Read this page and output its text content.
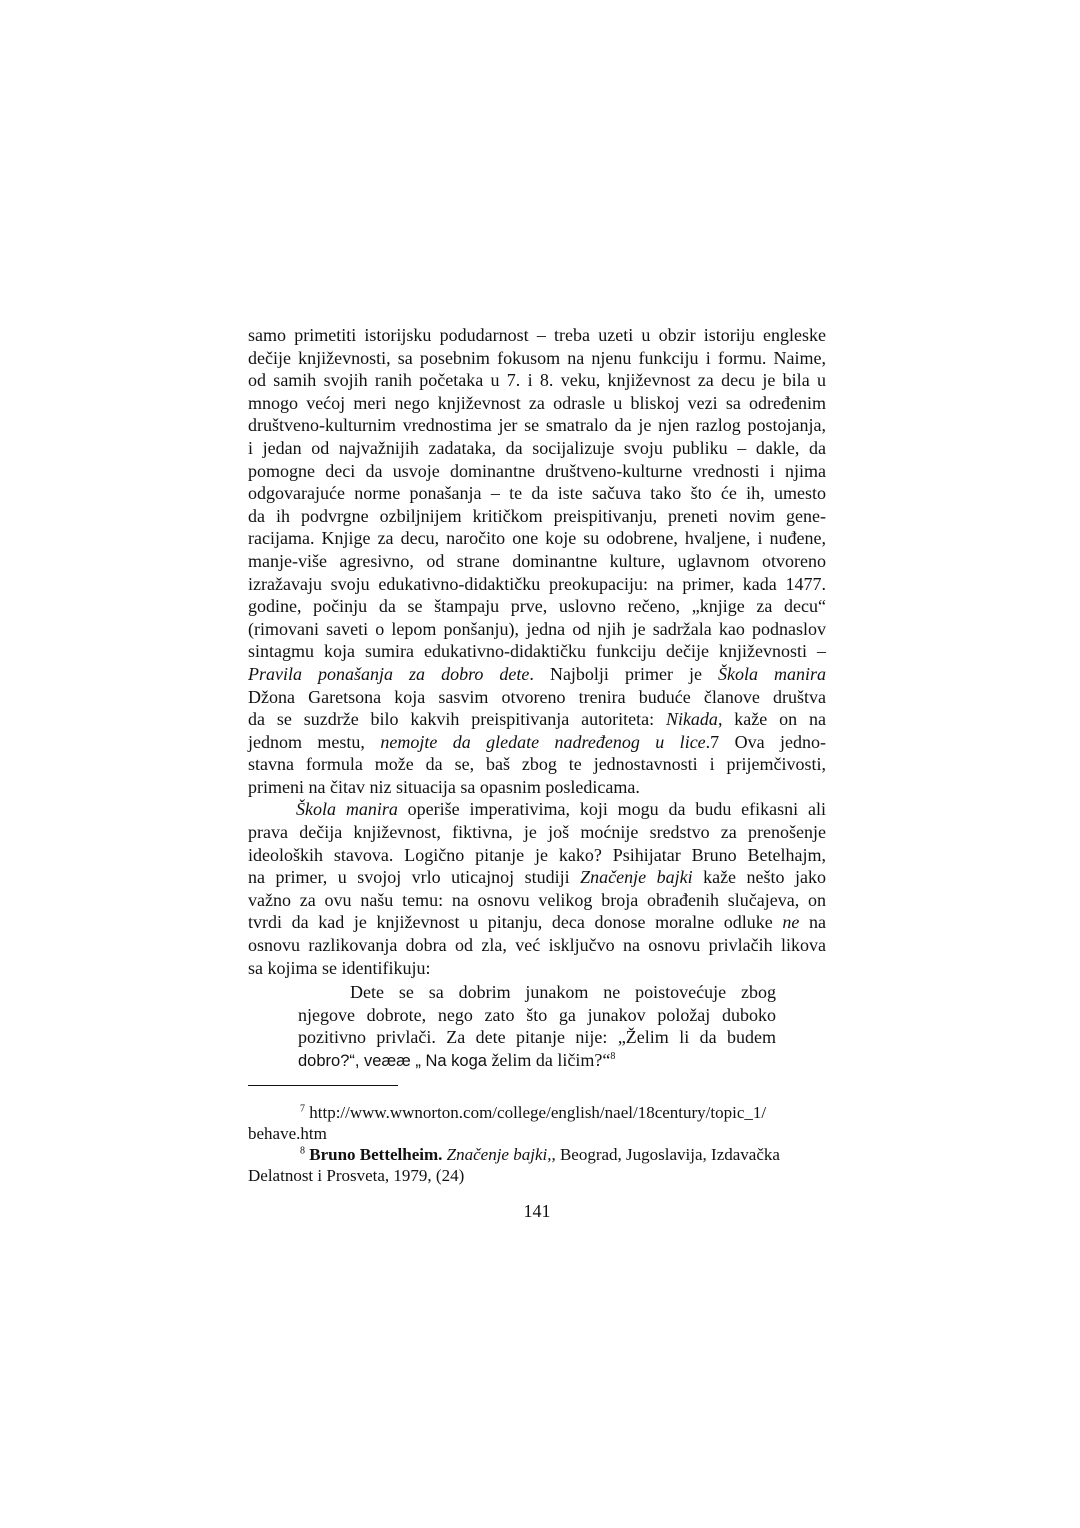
samo primetiti istorijsku podudarnost – treba uzeti u obzir istoriju engleske
dečije književnosti, sa posebnim fokusom na njenu funkciju i formu. Naime,
od samih svojih ranih početaka u 7. i 8. veku, književnost za decu je bila u
mnogo većoj meri nego književnost za odrasle u bliskoj vezi sa određenim
društveno-kulturnim vrednostima jer se smatralo da je njen razlog postojanja,
i jedan od najvažnijih zadataka, da socijalizuje svoju publiku – dakle, da
pomogne deci da usvoje dominantne društveno-kulturne vrednosti i njima
odgovarajuće norme ponašanja – te da iste sačuva tako što će ih, umesto
da ih podvrgne ozbiljnijem kritičkom preispitivanju, preneti novim gene-
racijama. Knjige za decu, naročito one koje su odobrene, hvaljene, i nuđene,
manje-više agresivno, od strane dominantne kulture, uglavnom otvoreno
izražavaju svoju edukativno-didaktičku preokupaciju: na primer, kada 1477.
godine, počinju da se štampaju prve, uslovno rečeno, „knjige za decu“
(rimovani saveti o lepom ponšanju), jedna od njih je sadržala kao podnaslov
sintagmu koja sumira edukativno-didaktičku funkciju dečije književnosti –
Pravila ponašanja za dobro dete. Najbolji primer je Škola manira
Džona Garetsona koja sasvim otvoreno trenira buduće članove društva
da se suzdrže bilo kakvih preispitivanja autoriteta: Nikada, kaže on na
jednom mestu, nemojte da gledate nadređenog u lice.7 Ova jedno-
stavna formula može da se, baš zbog te jednostavnosti i prijemčivosti,
primeni na čitav niz situacija sa opasnim posledicama.
Škola manira operiše imperativima, koji mogu da budu efikasni ali
prava dečija književnost, fiktivna, je još moćnije sredstvo za prenošenje
ideoloških stavova. Logično pitanje je kako? Psihijatar Bruno Betelhajm,
na primer, u svojoj vrlo uticajnoj studiji Značenje bajki kaže nešto jako
važno za ovu našu temu: na osnovu velikog broja obrađenih slučajeva, on
tvrdi da kad je književnost u pitanju, deca donose moralne odluke ne na
osnovu razlikovanja dobra od zla, već isključvo na osnovu privlačih likova
sa kojima se identifikuju:
Dete se sa dobrim junakom ne poistovećuje zbog
njegove dobrote, nego zato što ga junakov položaj duboko
pozitivno privlači. Za dete pitanje nije: „Želim li da budem
dobro?“, veææ „ Na koga želim da ličim?“$^8$
$^7$ http://www.wwnorton.com/college/english/nael/18century/topic_1/
behave.htm
$^8$ Bruno Bettelheim. Značenje bajki,, Beograd, Jugoslavija, Izdavačka
Delatnost i Prosveta, 1979, (24)
141
